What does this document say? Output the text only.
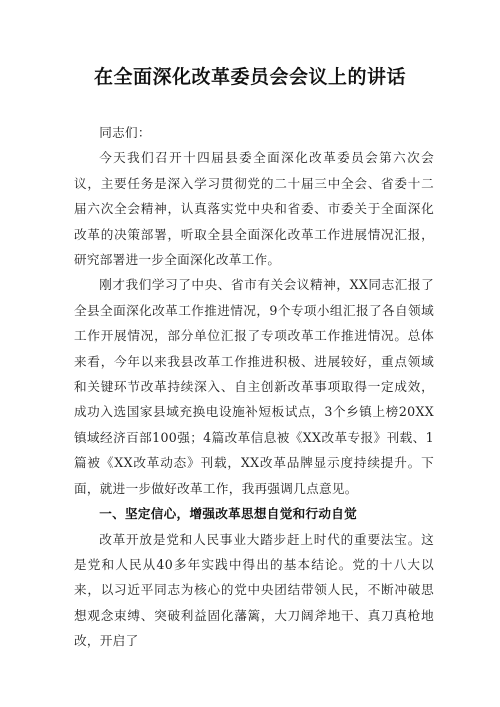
在全面深化改革委员会会议上的讲话

同志们：

今天我们召开十四届县委全面深化改革委员会第六次会议，主要任务是深入学习贯彻党的二十届三中全会、省委十二届六次全会精神，认真落实党中央和省委、市委关于全面深化改革的决策部署，听取全县全面深化改革工作进展情况汇报，研究部署进一步全面深化改革工作。

刚才我们学习了中央、省市有关会议精神，XX同志汇报了全县全面深化改革工作推进情况，9个专项小组汇报了各自领域工作开展情况，部分单位汇报了专项改革工作推进情况。总体来看，今年以来我县改革工作推进积极、进展较好，重点领域和关键环节改革持续深入、自主创新改革事项取得一定成效，成功入选国家县域充换电设施补短板试点，3个乡镇上榜20XX镇域经济百部100强；4篇改革信息被《XX改革专报》刊载、1篇被《XX改革动态》刊载，XX改革品牌显示度持续提升。下面，就进一步做好改革工作，我再强调几点意见。

一、坚定信心，增强改革思想自觉和行动自觉

改革开放是党和人民事业大踏步赶上时代的重要法宝。这是党和人民从40多年实践中得出的基本结论。党的十八大以来，以习近平同志为核心的党中央团结带领人民，不断冲破思想观念束缚、突破利益固化藩篱，大刀阔斧地干、真刀真枪地改，开启了
